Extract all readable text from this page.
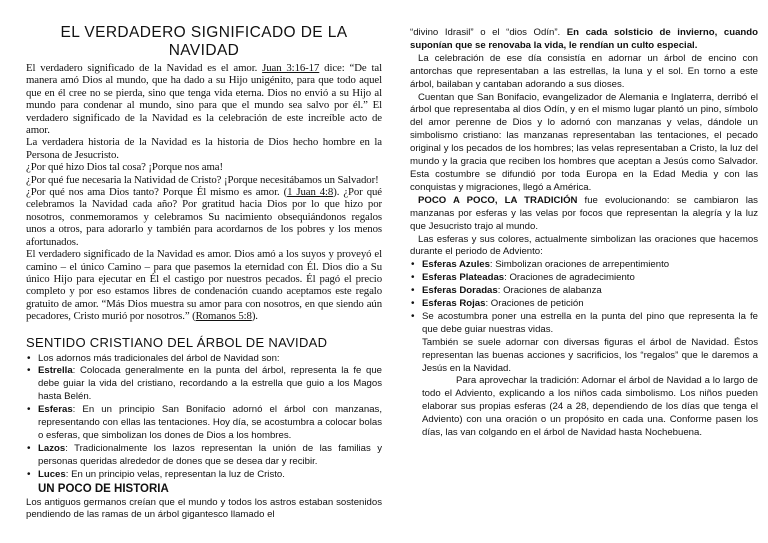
EL VERDADERO SIGNIFICADO DE LA NAVIDAD

El verdadero significado de la Navidad es el amor. Juan 3:16-17 dice: “De tal manera amó Dios al mundo, que ha dado a su Hijo unigénito, para que todo aquel que en él cree no se pierda, sino que tenga vida eterna. Dios no envió a su Hijo al mundo para condenar al mundo, sino para que el mundo sea salvo por él.” El verdadero significado de la Navidad es la celebración de este increíble acto de amor.

La verdadera historia de la Navidad es la historia de Dios hecho hombre en la Persona de Jesucristo.

¿Por qué hizo Dios tal cosa? ¡Porque nos ama!

¿Por qué fue necesaria la Natividad de Cristo? ¡Porque necesitábamos un Salvador!

¿Por qué nos ama Dios tanto? Porque Él mismo es amor. (1 Juan 4:8). ¿Por qué celebramos la Navidad cada año? Por gratitud hacia Dios por lo que hizo por nosotros, conmemoramos y celebramos Su nacimiento obsequiándonos regalos unos a otros, para adorarlo y también para acordarnos de los pobres y los menos afortunados.

El verdadero significado de la Navidad es amor. Dios amó a los suyos y proveyó el camino – el único Camino – para que pasemos la eternidad con Él. Dios dio a Su único Hijo para ejecutar en Él el castigo por nuestros pecados. Él pagó el precio completo y por eso estamos libres de condenación cuando aceptamos este regalo gratuito de amor. “Más Dios muestra su amor para con nosotros, en que siendo aún pecadores, Cristo murió por nosotros.” (Romanos 5:8).

SENTIDO CRISTIANO DEL ÁRBOL DE NAVIDAD
• Los adornos más tradicionales del árbol de Navidad son:
• Estrella: Colocada generalmente en la punta del árbol, representa la fe que debe guiar la vida del cristiano, recordando a la estrella que guio a los Magos hasta Belén.
• Esferas: En un principio San Bonifacio adornó el árbol con manzanas, representando con ellas las tentaciones. Hoy día, se acostumbra a colocar bolas o esferas, que simbolizan los dones de Dios a los hombres.
• Lazos: Tradicionalmente los lazos representan la unión de las familias y personas queridas alrededor de dones que se desea dar y recibir.
• Luces: En un principio velas, representan la luz de Cristo.
UN POCO DE HISTORIA

Los antiguos germanos creían que el mundo y todos los astros estaban sostenidos pendiendo de las ramas de un árbol gigantesco llamado el

“divino Idrasil” o el “dios Odín”. En cada solsticio de invierno, cuando suponían que se renovaba la vida, le rendían un culto especial.

La celebración de ese día consistía en adornar un árbol de encino con antorchas que representaban a las estrellas, la luna y el sol. En torno a este árbol, bailaban y cantaban adorando a sus dioses.

Cuentan que San Bonifacio, evangelizador de Alemania e Inglaterra, derribó el árbol que representaba al dios Odín, y en el mismo lugar plantó un pino, símbolo del amor perenne de Dios y lo adornó con manzanas y velas, dándole un simbolismo cristiano: las manzanas representaban las tentaciones, el pecado original y los pecados de los hombres; las velas representaban a Cristo, la luz del mundo y la gracia que reciben los hombres que aceptan a Jesús como Salvador. Esta costumbre se difundió por toda Europa en la Edad Media y con las conquistas y migraciones, llegó a América.

POCO A POCO, LA TRADICIÓN fue evolucionando: se cambiaron las manzanas por esferas y las velas por focos que representan la alegría y la luz que Jesucristo trajo al mundo.

Las esferas y sus colores, actualmente simbolizan las oraciones que hacemos durante el periodo de Adviento:

• Esferas Azules: Simbolizan oraciones de arrepentimiento
• Esferas Plateadas: Oraciones de agradecimiento
• Esferas Doradas: Oraciones de alabanza
• Esferas Rojas: Oraciones de petición
• Se acostumbra poner una estrella en la punta del pino que representa la fe que debe guiar nuestras vidas.

También se suele adornar con diversas figuras el árbol de Navidad. Éstos representan las buenas acciones y sacrificios, los “regalos” que le daremos a Jesús en la Navidad.

Para aprovechar la tradición: Adornar el árbol de Navidad a lo largo de todo el Adviento, explicando a los niños cada simbolismo. Los niños pueden elaborar sus propias esferas (24 a 28, dependiendo de los días que tenga el Adviento) con una oración o un propósito en cada una. Conforme pasen los días, las van colgando en el árbol de Navidad hasta Nochebuena.
